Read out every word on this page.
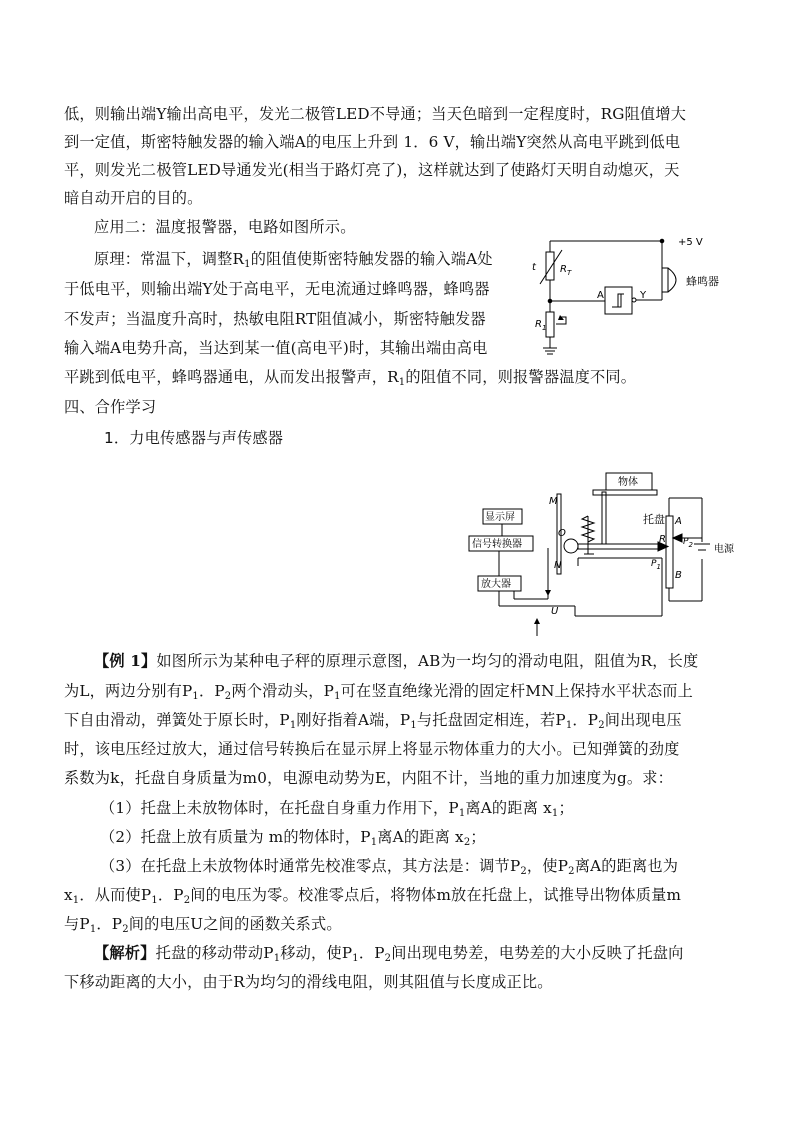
低，则输出端Y输出高电平，发光二极管LED不导通；当天色暗到一定程度时，RG阻值增大
到一定值，斯密特触发器的输入端A的电压上升到 1．6 V，输出端Y突然从高电平跳到低电
平，则发光二极管LED导通发光(相当于路灯亮了)，这样就达到了使路灯天明自动熄灭，天
暗自动开启的目的。
应用二：温度报警器，电路如图所示。
原理：常温下，调整$R_1$的阻值使斯密特触发器的输入端A处
于低电平，则输出端Y处于高电平，无电流通过蜂鸣器，蜂鸣器
不发声；当温度升高时，热敏电阻RT阻值减小，斯密特触发器
输入端A电势升高，当达到某一值(高电平)时，其输出端由高电
平跳到低电平，蜂鸣器通电，从而发出报警声，$R_1$的阻值不同，则报警器温度不同。
+5 V
t $R_T$
$R_1$
A	Y
蜂鸣器
四、合作学习
1．力电传感器与声传感器
物体
显示屏
信号转换器
放大器
托盘
M
O
N
A
R
B
$P_2$
$P_1$
电源
U
【例 1】如图所示为某种电子秤的原理示意图，AB为一均匀的滑动电阻，阻值为R，长度
为L，两边分别有$P_1$．$P_2$两个滑动头，$P_1$可在竖直绝缘光滑的固定杆MN上保持水平状态而上
下自由滑动，弹簧处于原长时，$P_1$刚好指着A端，$P_1$与托盘固定相连，若$P_1$．$P_2$间出现电压
时，该电压经过放大，通过信号转换后在显示屏上将显示物体重力的大小。已知弹簧的劲度
系数为k，托盘自身质量为m0，电源电动势为E，内阻不计，当地的重力加速度为g。求：
（1）托盘上未放物体时，在托盘自身重力作用下，$P_1$离A的距离 $x_1$；
（2）托盘上放有质量为 m的物体时，$P_1$离A的距离 $x_2$；
（3）在托盘上未放物体时通常先校准零点，其方法是：调节$P_2$，使$P_2$离A的距离也为
$x_1$．从而使$P_1$．$P_2$间的电压为零。校准零点后，将物体m放在托盘上，试推导出物体质量m
与$P_1$．$P_2$间的电压U之间的函数关系式。
【解析】托盘的移动带动$P_1$移动，使$P_1$．$P_2$间出现电势差，电势差的大小反映了托盘向
下移动距离的大小，由于R为均匀的滑线电阻，则其阻值与长度成正比。
